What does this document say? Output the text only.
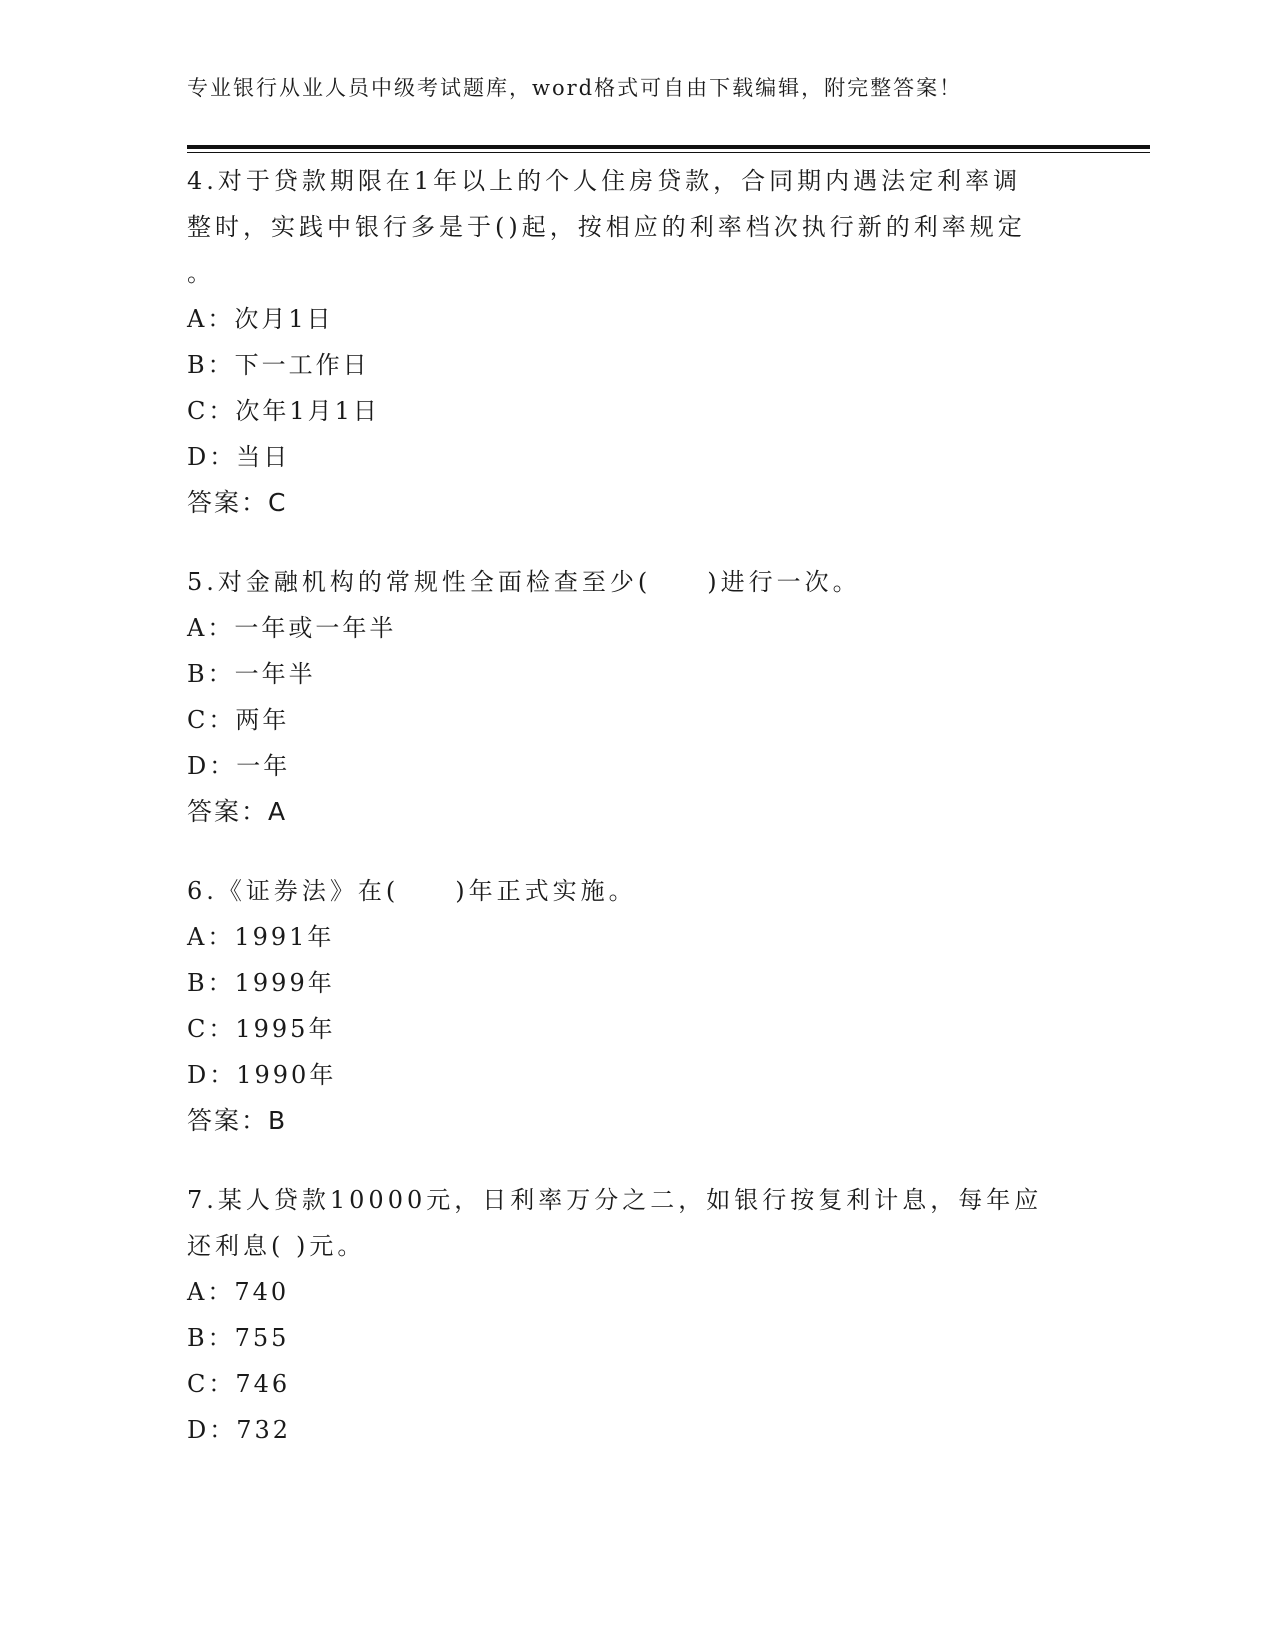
专业银行从业人员中级考试题库，word格式可自由下载编辑，附完整答案！

4.对于贷款期限在1年以上的个人住房贷款，合同期内遇法定利率调

整时，实践中银行多是于()起，按相应的利率档次执行新的利率规定

。

A：次月1日

B：下一工作日

C：次年1月1日

D：当日

答案：C

5.对金融机构的常规性全面检查至少(　　)进行一次。

A：一年或一年半

B：一年半

C：两年

D：一年

答案：A

6.《证券法》在(　　)年正式实施。

A：1991年

B：1999年

C：1995年

D：1990年

答案：B

7.某人贷款10000元，日利率万分之二，如银行按复利计息，每年应

还利息( )元。

A：740

B：755

C：746

D：732
